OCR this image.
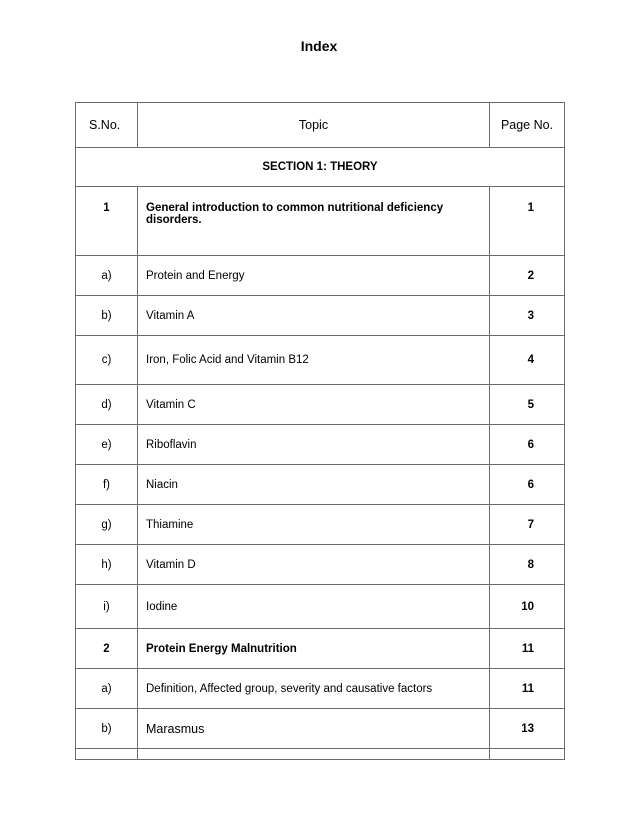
Index
S.No.	Topic	Page No.
SECTION 1: THEORY		
1	General introduction to common nutritional deficiency disorders.	1
a)	Protein and Energy	2
b)	Vitamin A	3
c)	Iron, Folic Acid and Vitamin B12	4
d)	Vitamin C	5
e)	Riboflavin	6
f)	Niacin	6
g)	Thiamine	7
h)	Vitamin D	8
i)	Iodine	10
2	Protein Energy Malnutrition	11
a)	Definition, Affected group, severity and causative factors	11
b)	Marasmus	13
